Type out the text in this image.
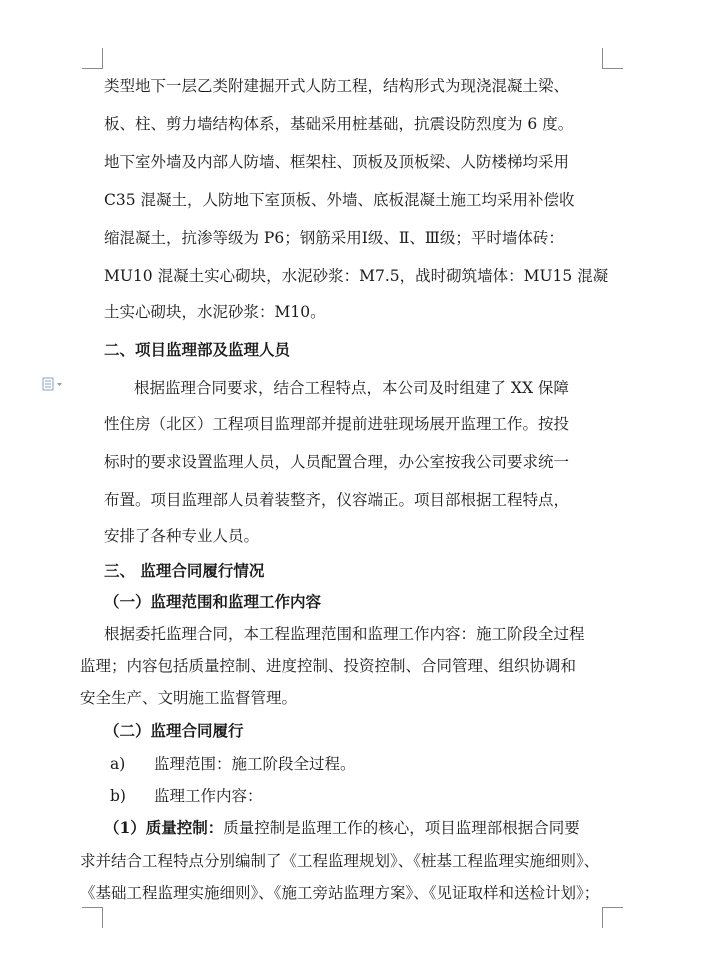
类型地下一层乙类附建掘开式人防工程，结构形式为现浇混凝土梁、
板、柱、剪力墙结构体系，基础采用桩基础，抗震设防烈度为 6 度。
地下室外墙及内部人防墙、框架柱、顶板及顶板梁、人防楼梯均采用
C35 混凝土，人防地下室顶板、外墙、底板混凝土施工均采用补偿收
缩混凝土，抗渗等级为 P6；钢筋采用Ⅰ级、Ⅱ、Ⅲ级；平时墙体砖：
MU10 混凝土实心砌块，水泥砂浆：M7.5，战时砌筑墙体：MU15 混凝
土实心砌块，水泥砂浆：M10。
二、项目监理部及监理人员
根据监理合同要求，结合工程特点，本公司及时组建了 XX 保障
性住房（北区）工程项目监理部并提前进驻现场展开监理工作。按投
标时的要求设置监理人员，人员配置合理，办公室按我公司要求统一
布置。项目监理部人员着装整齐，仪容端正。项目部根据工程特点，
安排了各种专业人员。
三、 监理合同履行情况
（一）监理范围和监理工作内容
根据委托监理合同，本工程监理范围和监理工作内容：施工阶段全过程
监理；内容包括质量控制、进度控制、投资控制、合同管理、组织协调和
安全生产、文明施工监督管理。
（二）监理合同履行
a) 监理范围：施工阶段全过程。
b) 监理工作内容：
（1）质量控制：质量控制是监理工作的核心，项目监理部根据合同要
求并结合工程特点分别编制了《工程监理规划》、《桩基工程监理实施细则》、
《基础工程监理实施细则》、《施工旁站监理方案》、《见证取样和送检计划》；
